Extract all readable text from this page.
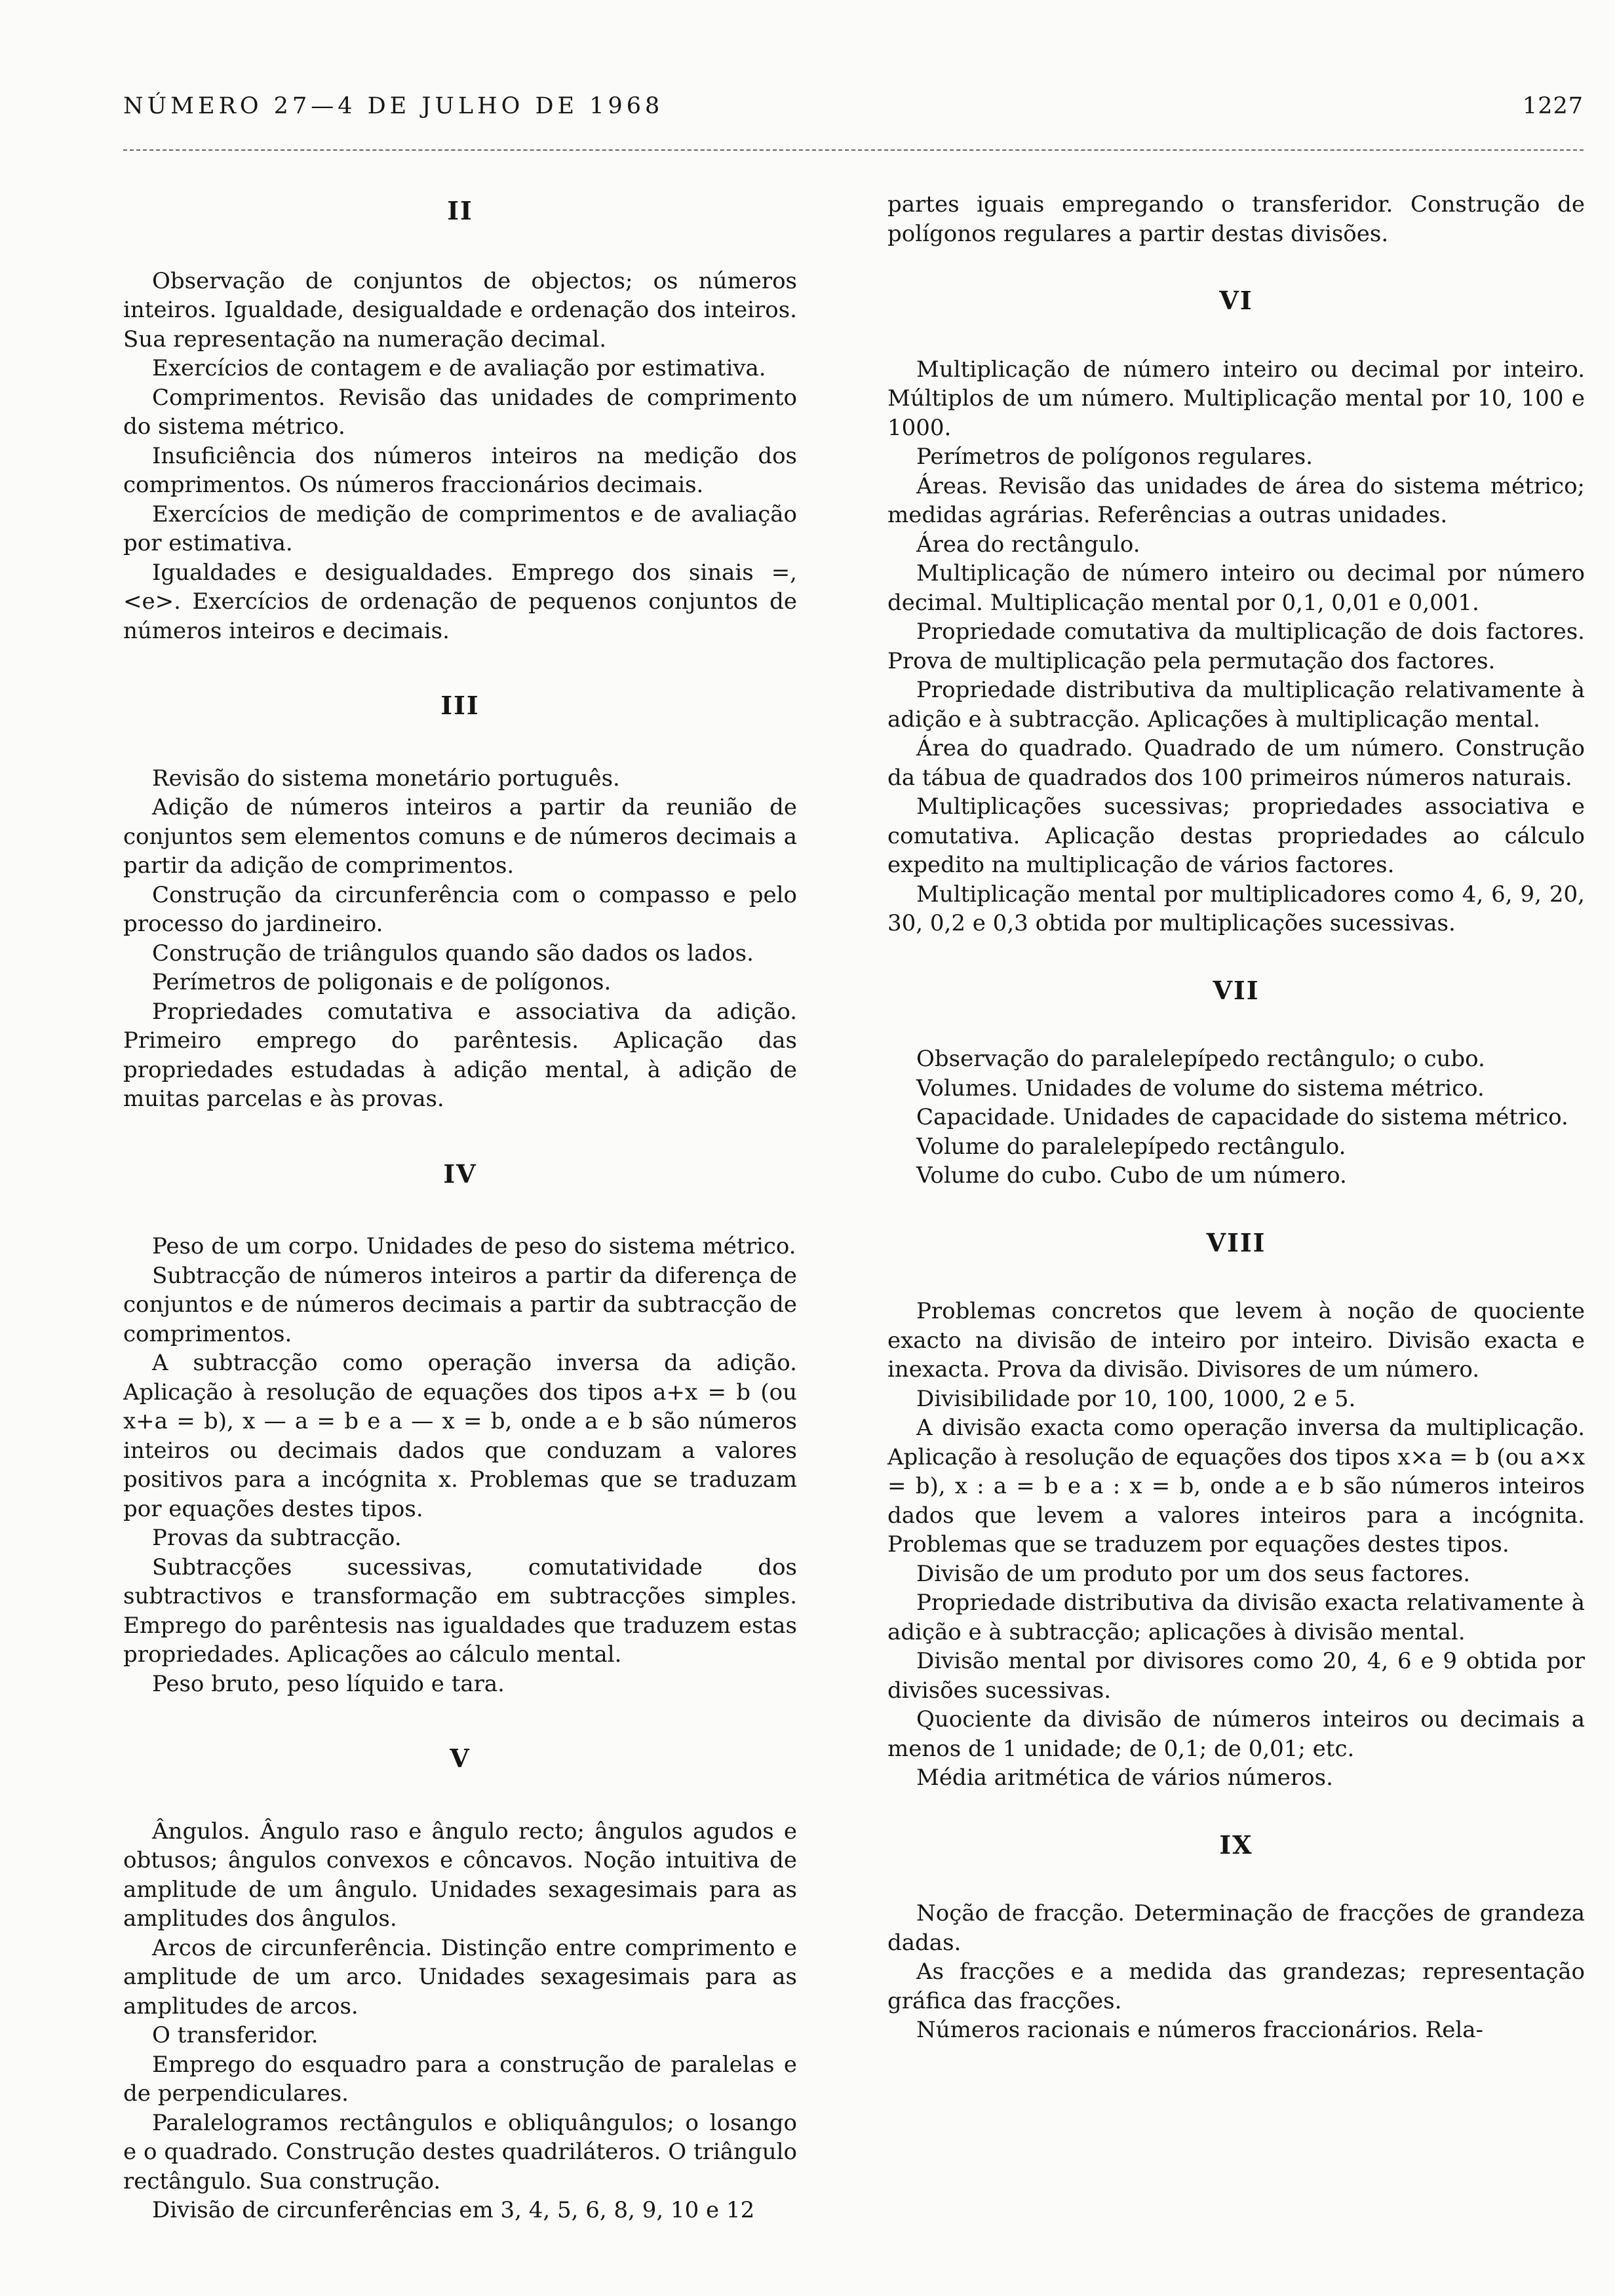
NÚMERO 27—4 DE JULHO DE 1968	1227
II

Observação de conjuntos de objectos; os números inteiros. Igualdade, desigualdade e ordenação dos inteiros. Sua representação na numeração decimal.

Exercícios de contagem e de avaliação por estimativa.

Comprimentos. Revisão das unidades de comprimento do sistema métrico.

Insuficiência dos números inteiros na medição dos comprimentos. Os números fraccionários decimais.

Exercícios de medição de comprimentos e de avaliação por estimativa.

Igualdades e desigualdades. Emprego dos sinais =, <e>. Exercícios de ordenação de pequenos conjuntos de números inteiros e decimais.

III

Revisão do sistema monetário português.

Adição de números inteiros a partir da reunião de conjuntos sem elementos comuns e de números decimais a partir da adição de comprimentos.

Construção da circunferência com o compasso e pelo processo do jardineiro.

Construção de triângulos quando são dados os lados.

Perímetros de poligonais e de polígonos.

Propriedades comutativa e associativa da adição. Primeiro emprego do parêntesis. Aplicação das propriedades estudadas à adição mental, à adição de muitas parcelas e às provas.

IV

Peso de um corpo. Unidades de peso do sistema métrico.

Subtracção de números inteiros a partir da diferença de conjuntos e de números decimais a partir da subtracção de comprimentos.

A subtracção como operação inversa da adição. Aplicação à resolução de equações dos tipos a+x = b (ou x+a = b), x — a = b e a — x = b, onde a e b são números inteiros ou decimais dados que conduzam a valores positivos para a incógnita x. Problemas que se traduzam por equações destes tipos.

Provas da subtracção.

Subtracções sucessivas, comutatividade dos subtractivos e transformação em subtracções simples. Emprego do parêntesis nas igualdades que traduzem estas propriedades. Aplicações ao cálculo mental.

Peso bruto, peso líquido e tara.

V

Ângulos. Ângulo raso e ângulo recto; ângulos agudos e obtusos; ângulos convexos e côncavos. Noção intuitiva de amplitude de um ângulo. Unidades sexagesimais para as amplitudes dos ângulos.

Arcos de circunferência. Distinção entre comprimento e amplitude de um arco. Unidades sexagesimais para as amplitudes de arcos.

O transferidor.

Emprego do esquadro para a construção de paralelas e de perpendiculares.

Paralelogramos rectângulos e obliquângulos; o losango e o quadrado. Construção destes quadriláteros. O triângulo rectângulo. Sua construção.

Divisão de circunferências em 3, 4, 5, 6, 8, 9, 10 e 12

partes iguais empregando o transferidor. Construção de polígonos regulares a partir destas divisões.

VI

Multiplicação de número inteiro ou decimal por inteiro. Múltiplos de um número. Multiplicação mental por 10, 100 e 1000.

Perímetros de polígonos regulares.

Áreas. Revisão das unidades de área do sistema métrico; medidas agrárias. Referências a outras unidades.

Área do rectângulo.

Multiplicação de número inteiro ou decimal por número decimal. Multiplicação mental por 0,1, 0,01 e 0,001.

Propriedade comutativa da multiplicação de dois factores. Prova de multiplicação pela permutação dos factores.

Propriedade distributiva da multiplicação relativamente à adição e à subtracção. Aplicações à multiplicação mental.

Área do quadrado. Quadrado de um número. Construção da tábua de quadrados dos 100 primeiros números naturais.

Multiplicações sucessivas; propriedades associativa e comutativa. Aplicação destas propriedades ao cálculo expedito na multiplicação de vários factores.

Multiplicação mental por multiplicadores como 4, 6, 9, 20, 30, 0,2 e 0,3 obtida por multiplicações sucessivas.

VII

Observação do paralelepípedo rectângulo; o cubo.

Volumes. Unidades de volume do sistema métrico.

Capacidade. Unidades de capacidade do sistema métrico.

Volume do paralelepípedo rectângulo.

Volume do cubo. Cubo de um número.

VIII

Problemas concretos que levem à noção de quociente exacto na divisão de inteiro por inteiro. Divisão exacta e inexacta. Prova da divisão. Divisores de um número.

Divisibilidade por 10, 100, 1000, 2 e 5.

A divisão exacta como operação inversa da multiplicação. Aplicação à resolução de equações dos tipos x×a = b (ou a×x = b), x : a = b e a : x = b, onde a e b são números inteiros dados que levem a valores inteiros para a incógnita. Problemas que se traduzem por equações destes tipos.

Divisão de um produto por um dos seus factores.

Propriedade distributiva da divisão exacta relativamente à adição e à subtracção; aplicações à divisão mental.

Divisão mental por divisores como 20, 4, 6 e 9 obtida por divisões sucessivas.

Quociente da divisão de números inteiros ou decimais a menos de 1 unidade; de 0,1; de 0,01; etc.

Média aritmética de vários números.

IX

Noção de fracção. Determinação de fracções de grandeza dadas.

As fracções e a medida das grandezas; representação gráfica das fracções.

Números racionais e números fraccionários. Rela-
